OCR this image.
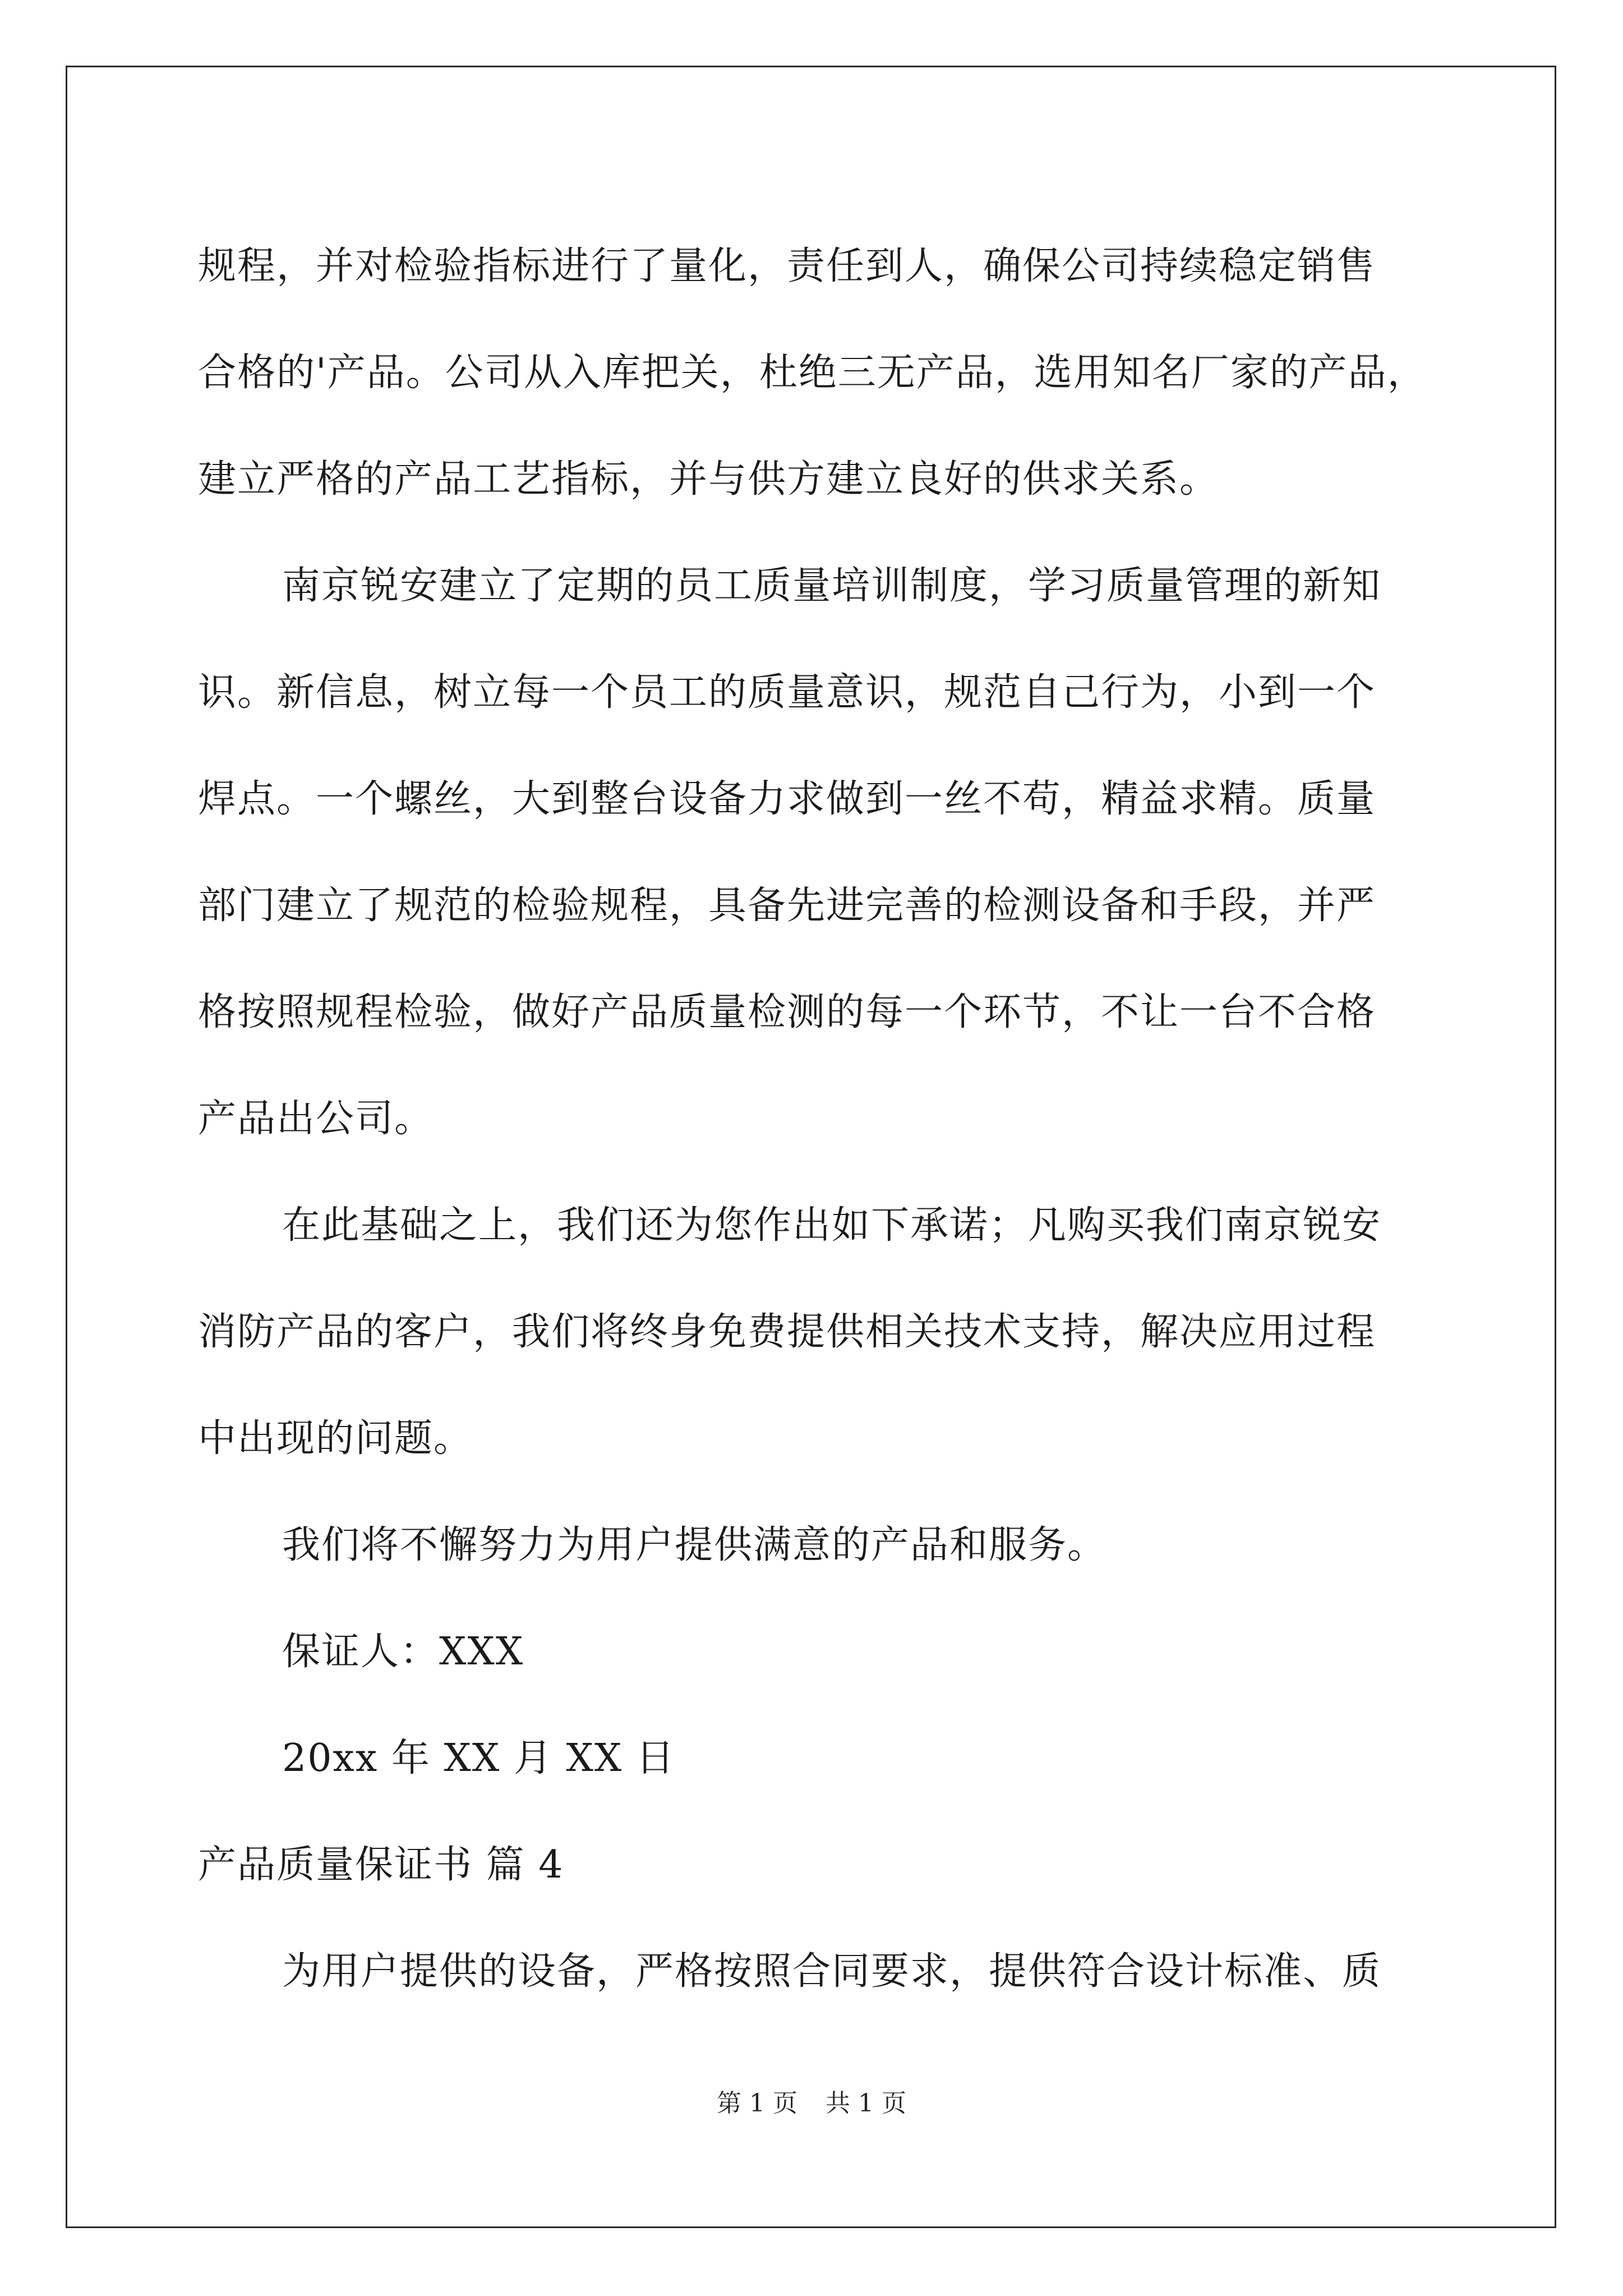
规程，并对检验指标进行了量化，责任到人，确保公司持续稳定销售
合格的'产品。公司从入库把关，杜绝三无产品，选用知名厂家的产品，
建立严格的产品工艺指标，并与供方建立良好的供求关系。
南京锐安建立了定期的员工质量培训制度，学习质量管理的新知
识。新信息，树立每一个员工的质量意识，规范自己行为，小到一个
焊点。一个螺丝，大到整台设备力求做到一丝不苟，精益求精。质量
部门建立了规范的检验规程，具备先进完善的检测设备和手段，并严
格按照规程检验，做好产品质量检测的每一个环节，不让一台不合格
产品出公司。
在此基础之上，我们还为您作出如下承诺；凡购买我们南京锐安
消防产品的客户，我们将终身免费提供相关技术支持，解决应用过程
中出现的问题。
我们将不懈努力为用户提供满意的产品和服务。
保证人：XXX
20xx 年 XX 月 XX 日
产品质量保证书 篇 4
为用户提供的设备，严格按照合同要求，提供符合设计标准、质
第 1 页 共 1 页
